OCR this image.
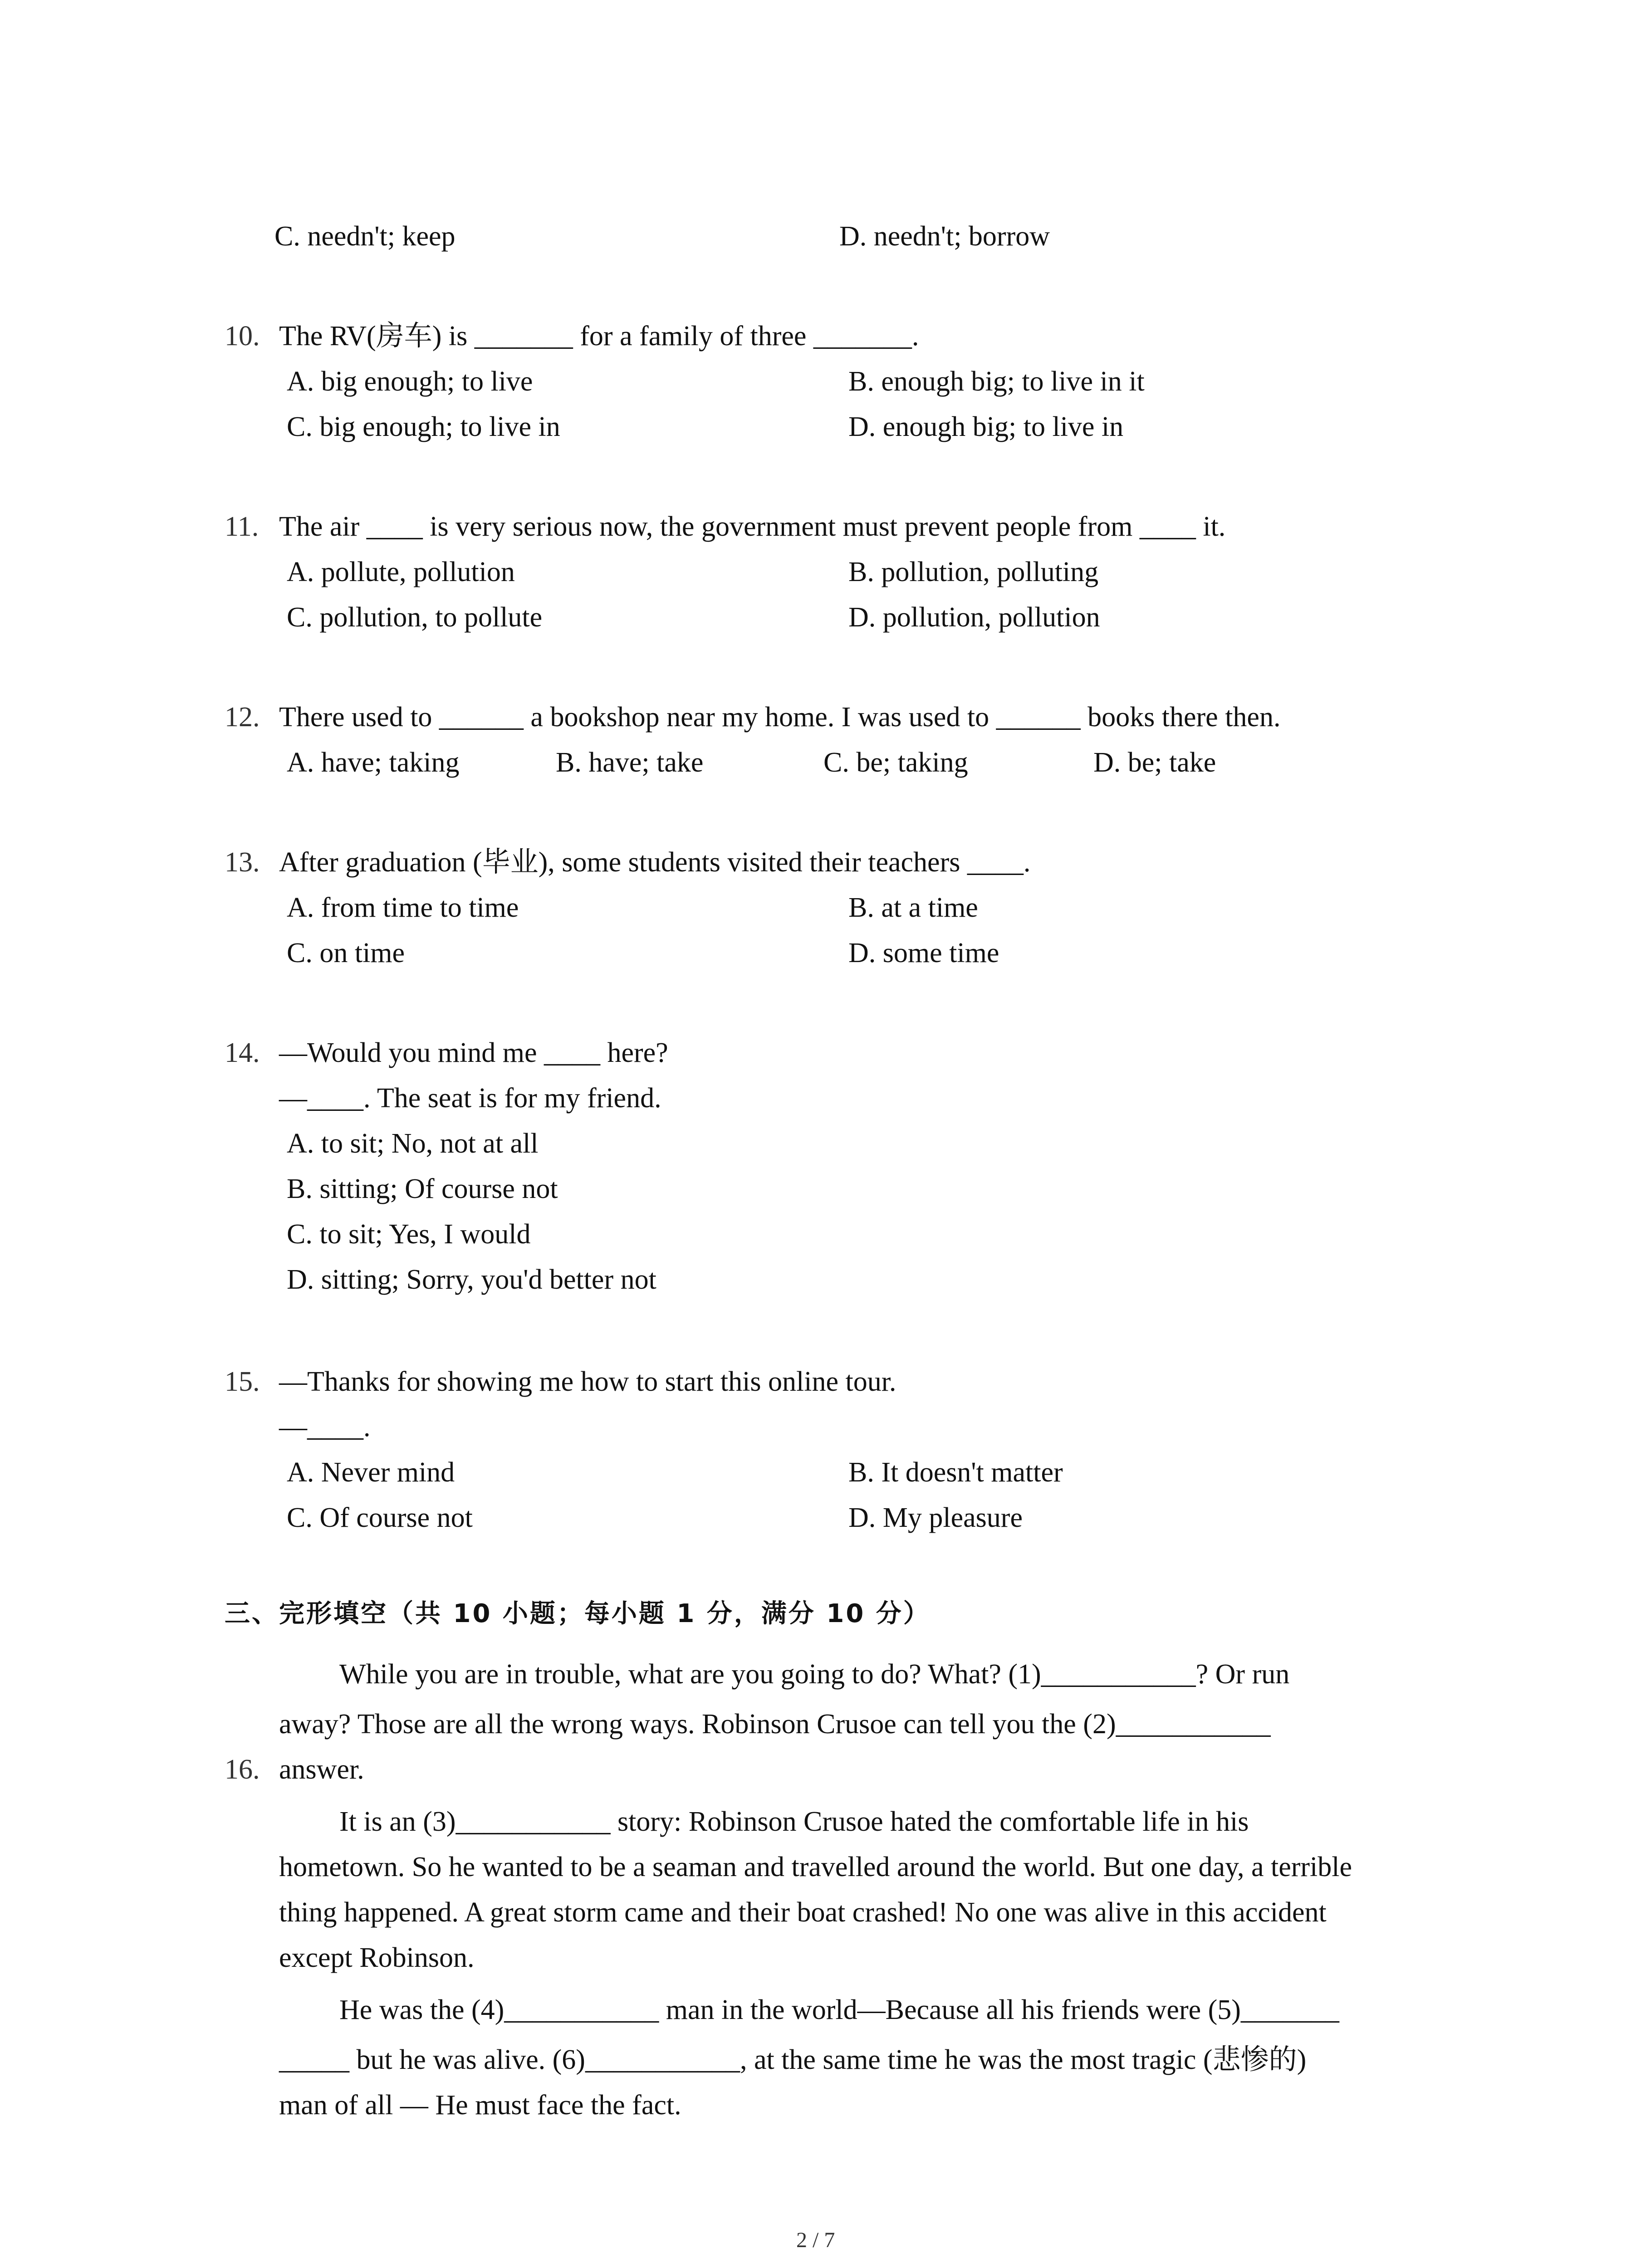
C. needn't; keep	D. needn't; borrow
10. The RV(房车) is _______ for a family of three _______.
A. big enough; to live	B. enough big; to live in it
C. big enough; to live in	D. enough big; to live in
11. The air ____ is very serious now, the government must prevent people from ____ it.
A. pollute, pollution	B. pollution, polluting
C. pollution, to pollute	D. pollution, pollution
12. There used to ______ a bookshop near my home. I was used to ______ books there then.
A. have; taking	B. have; take	C. be; taking	D. be; take
13. After graduation (毕业), some students visited their teachers ____.
A. from time to time	B. at a time
C. on time	D. some time
14. —Would you mind me ____ here?
—____. The seat is for my friend.
A. to sit; No, not at all
B. sitting; Of course not
C. to sit; Yes, I would
D. sitting; Sorry, you'd better not
15. —Thanks for showing me how to start this online tour.
—____.
A. Never mind	B. It doesn't matter
C. Of course not	D. My pleasure
三、完形填空（共 10 小题；每小题 1 分，满分 10 分）
While you are in trouble, what are you going to do? What? (1)___________? Or run
away? Those are all the wrong ways. Robinson Crusoe can tell you the (2)___________
16. answer.
It is an (3)___________ story: Robinson Crusoe hated the comfortable life in his
hometown. So he wanted to be a seaman and travelled around the world. But one day, a terrible
thing happened. A great storm came and their boat crashed! No one was alive in this accident
except Robinson.
He was the (4)___________ man in the world—Because all his friends were (5)_______
_____ but he was alive. (6)___________, at the same time he was the most tragic (悲惨的)
man of all — He must face the fact.
2 / 7
